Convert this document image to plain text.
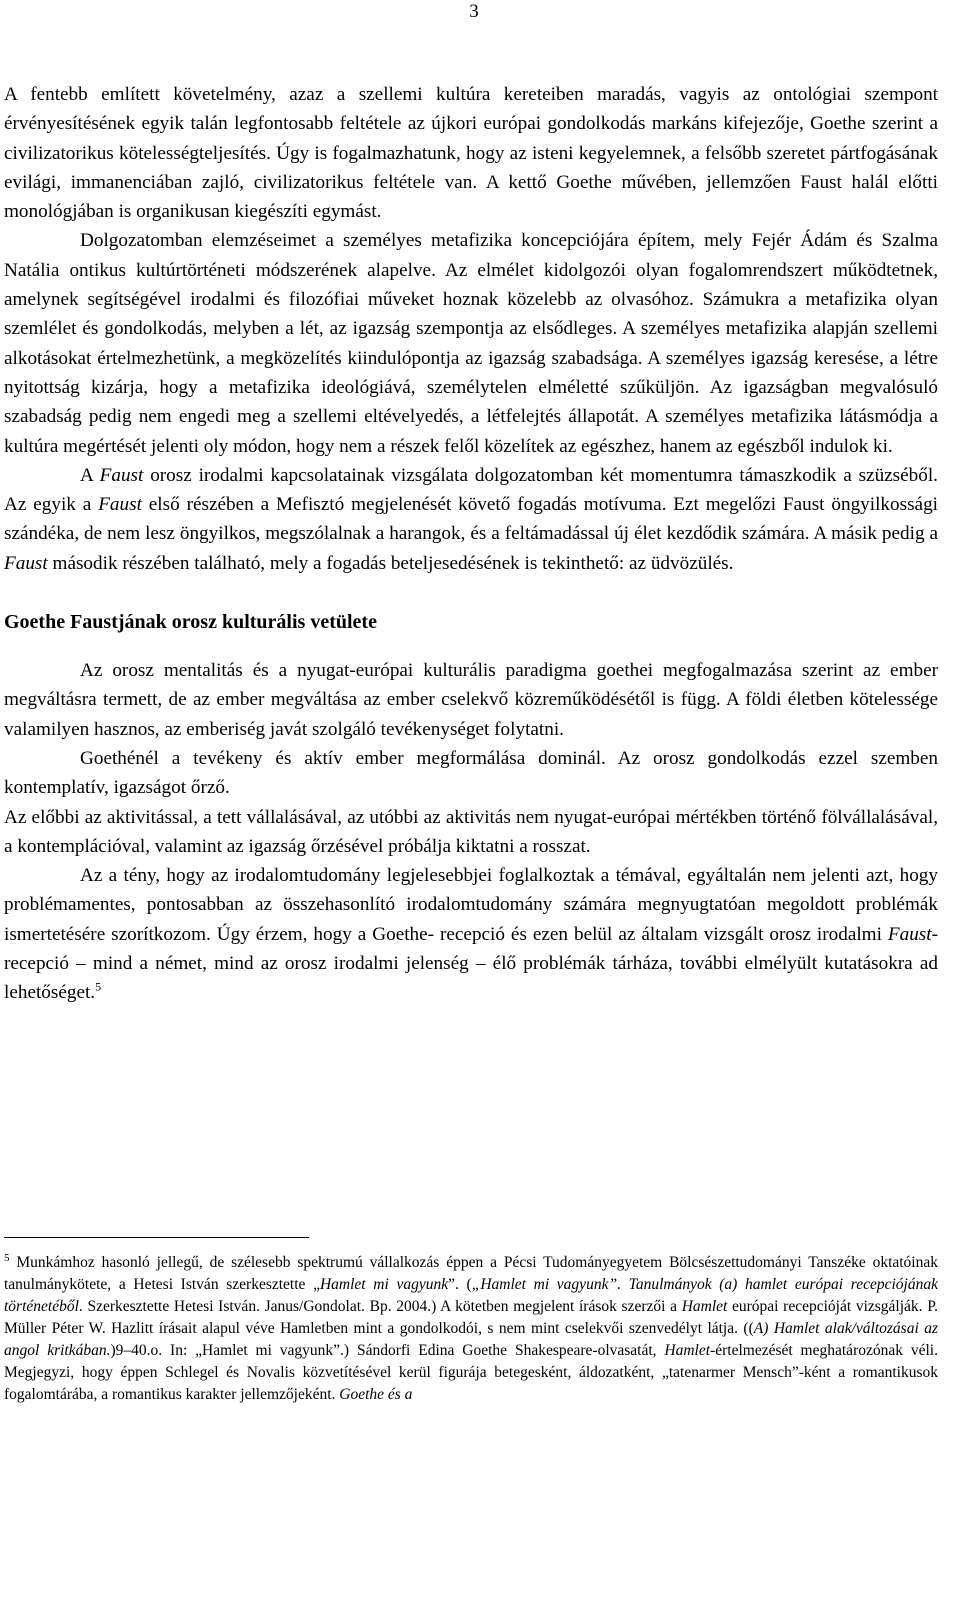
3

A fentebb említett követelmény, azaz a szellemi kultúra kereteiben maradás, vagyis az ontológiai szempont érvényesítésének egyik talán legfontosabb feltétele az újkori európai gondolkodás markáns kifejezője, Goethe szerint a civilizatorikus kötelességteljesítés. Úgy is fogalmazhatunk, hogy az isteni kegyelemnek, a felsőbb szeretet pártfogásának evilági, immanenciában zajló, civilizatorikus feltétele van. A kettő Goethe művében, jellemzően Faust halál előtti monológjában is organikusan kiegészíti egymást.

Dolgozatomban elemzéseimet a személyes metafizika koncepciójára építem, mely Fejér Ádám és Szalma Natália ontikus kultúrtörténeti módszerének alapelve. Az elmélet kidolgozói olyan fogalomrendszert működtetnek, amelynek segítségével irodalmi és filozófiai műveket hoznak közelebb az olvasóhoz. Számukra a metafizika olyan szemlélet és gondolkodás, melyben a lét, az igazság szempontja az elsődleges. A személyes metafizika alapján szellemi alkotásokat értelmezhetünk, a megközelítés kiindulópontja az igazság szabadsága. A személyes igazság keresése, a létre nyitottság kizárja, hogy a metafizika ideológiává, személytelen elméletté szűküljön. Az igazságban megvalósuló szabadság pedig nem engedi meg a szellemi eltévelyedés, a létfelejtés állapotát. A személyes metafizika látásmódja a kultúra megértését jelenti oly módon, hogy nem a részek felől közelítek az egészhez, hanem az egészből indulok ki.

A Faust orosz irodalmi kapcsolatainak vizsgálata dolgozatomban két momentumra támaszkodik a szüzséből. Az egyik a Faust első részében a Mefisztó megjelenését követő fogadás motívuma. Ezt megelőzi Faust öngyilkossági szándéka, de nem lesz öngyilkos, megszólalnak a harangok, és a feltámadással új élet kezdődik számára. A másik pedig a Faust második részében található, mely a fogadás beteljesedésének is tekinthető: az üdvözülés.

Goethe Faustjának orosz kulturális vetülete

Az orosz mentalitás és a nyugat-európai kulturális paradigma goethei megfogalmazása szerint az ember megváltásra termett, de az ember megváltása az ember cselekvő közreműködésétől is függ. A földi életben kötelessége valamilyen hasznos, az emberiség javát szolgáló tevékenységet folytatni.

Goethénél a tevékeny és aktív ember megformálása dominál. Az orosz gondolkodás ezzel szemben kontemplatív, igazságot őrző.

Az előbbi az aktivitással, a tett vállalásával, az utóbbi az aktivitás nem nyugat-európai mértékben történő fölvállalásával, a kontemplációval, valamint az igazság őrzésével próbálja kiktatni a rosszat.

Az a tény, hogy az irodalomtudomány legjelesebbjei foglalkoztak a témával, egyáltalán nem jelenti azt, hogy problémamentes, pontosabban az összehasonlító irodalomtudomány számára megnyugtatóan megoldott problémák ismertetésére szorítkozom. Úgy érzem, hogy a Goethe- recepció és ezen belül az általam vizsgált orosz irodalmi Faust-recepció – mind a német, mind az orosz irodalmi jelenség – élő problémák tárháza, további elmélyült kutatásokra ad lehetőséget.$^5$

$^5$ Munkámhoz hasonló jellegű, de szélesebb spektrumú vállalkozás éppen a Pécsi Tudományegyetem Bölcsészettudományi Tanszéke oktatóinak tanulmánykötete, a Hetesi István szerkesztette „Hamlet mi vagyunk”. („Hamlet mi vagyunk”. Tanulmányok (a) hamlet európai recepciójának történetéből. Szerkesztette Hetesi István. Janus/Gondolat. Bp. 2004.) A kötetben megjelent írások szerzői a Hamlet európai recepcióját vizsgálják. P. Müller Péter W. Hazlitt írásait alapul véve Hamletben mint a gondolkodói, s nem mint cselekvői szenvedélyt látja. ((A) Hamlet alak/változásai az angol kritkában.)9–40.o. In: „Hamlet mi vagyunk”.) Sándorfi Edina Goethe Shakespeare-olvasatát, Hamlet-értelmezését meghatározónak véli. Megjegyzi, hogy éppen Schlegel és Novalis közvetítésével kerül figurája betegesként, áldozatként, „tatenarmer Mensch”-ként a romantikusok fogalomtárába, a romantikus karakter jellemzőjeként. Goethe és a
